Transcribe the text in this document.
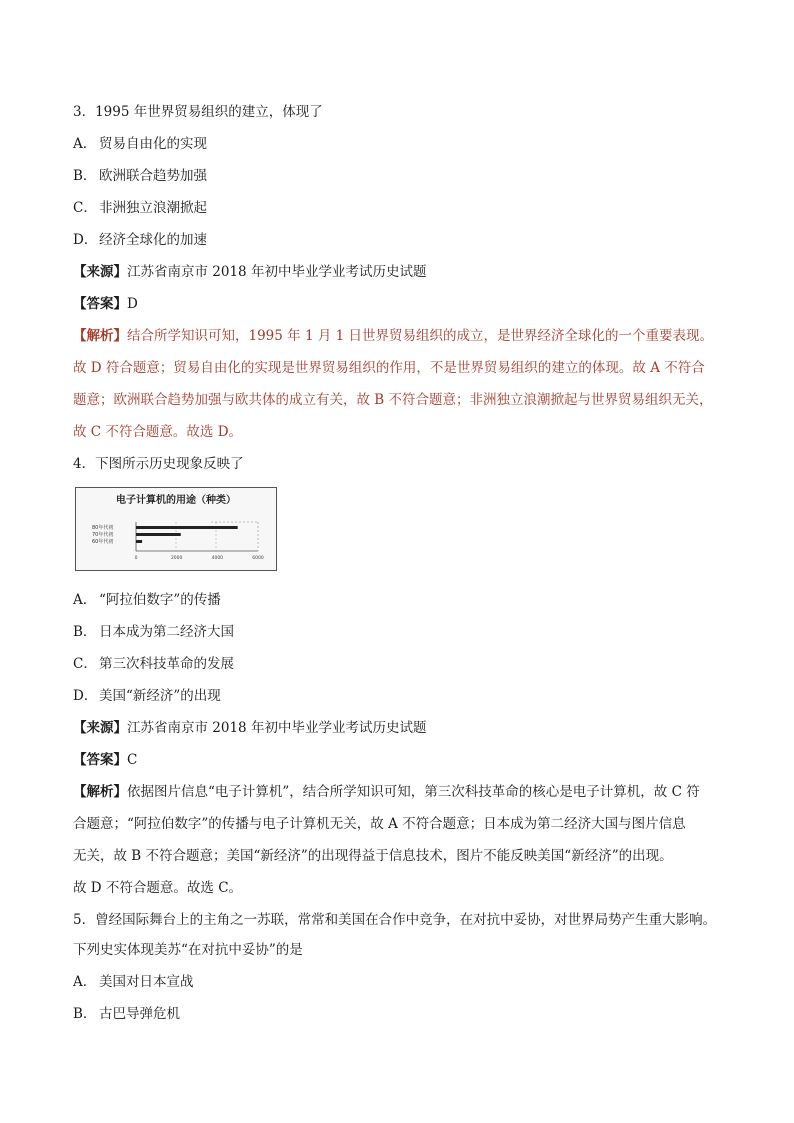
3．1995 年世界贸易组织的建立，体现了
A． 贸易自由化的实现
B． 欧洲联合趋势加强
C． 非洲独立浪潮掀起
D． 经济全球化的加速
【来源】江苏省南京市 2018 年初中毕业学业考试历史试题
【答案】D
【解析】结合所学知识可知，1995 年 1 月 1 日世界贸易组织的成立，是世界经济全球化的一个重要表现。
故 D 符合题意；贸易自由化的实现是世界贸易组织的作用，不是世界贸易组织的建立的体现。故 A 不符合
题意；欧洲联合趋势加强与欧共体的成立有关，故 B 不符合题意；非洲独立浪潮掀起与世界贸易组织无关，
故 C 不符合题意。故选 D。
4．下图所示历史现象反映了
电子计算机的用途（种类）
80年代初
70年代初
60年代初
0	2000	4000	6000
A． “阿拉伯数字”的传播
B． 日本成为第二经济大国
C． 第三次科技革命的发展
D． 美国“新经济”的出现
【来源】江苏省南京市 2018 年初中毕业学业考试历史试题
【答案】C
【解析】依据图片信息“电子计算机”，结合所学知识可知，第三次科技革命的核心是电子计算机，故 C 符
合题意；“阿拉伯数字”的传播与电子计算机无关，故 A 不符合题意；日本成为第二经济大国与图片信息
无关，故 B 不符合题意；美国“新经济”的出现得益于信息技术，图片不能反映美国“新经济”的出现。
故 D 不符合题意。故选 C。
5．曾经国际舞台上的主角之一苏联，常常和美国在合作中竞争，在对抗中妥协，对世界局势产生重大影响。
下列史实体现美苏“在对抗中妥协”的是
A． 美国对日本宣战
B． 古巴导弹危机
